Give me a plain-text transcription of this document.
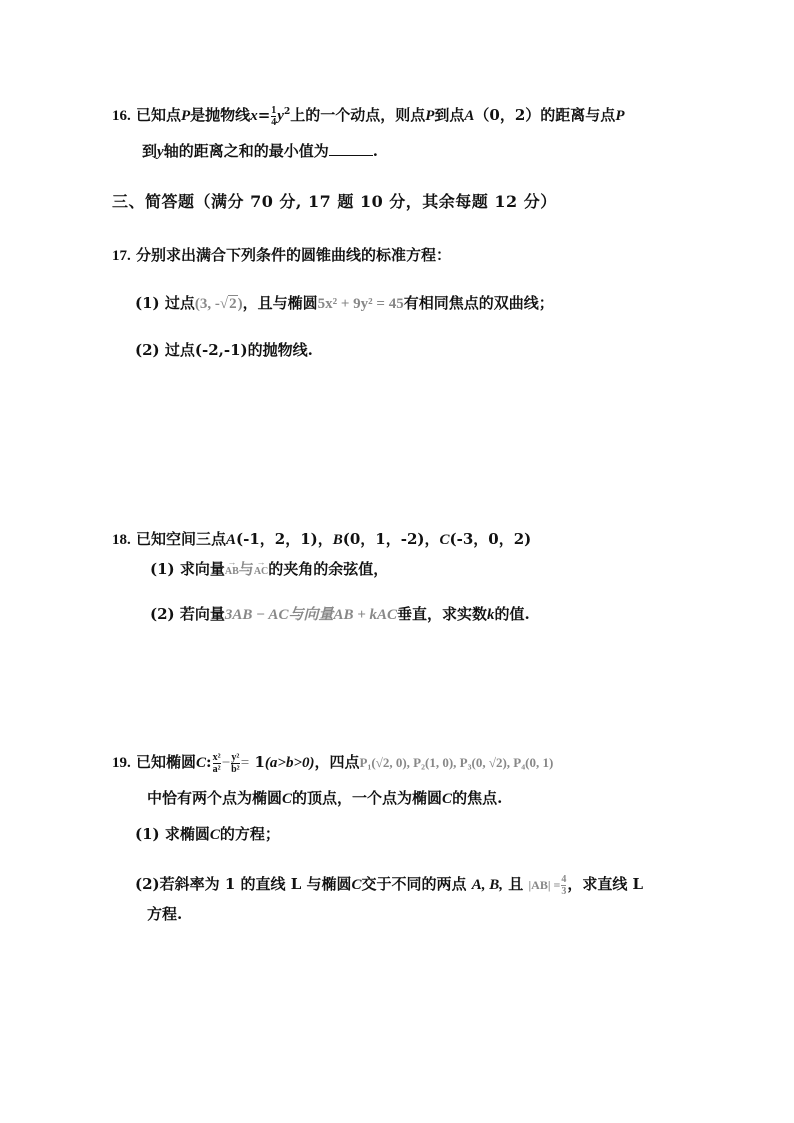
16. 已知点P是抛物线$x= \frac{1}{4} y^2$上的一个动点，则点P到点A（0，2）的距离与点P
到y轴的距离之和的最小值为	.
三、简答题（满分 70 分, 17 题 10 分，其余每题 12 分）
17. 分别求出满合下列条件的圆锥曲线的标准方程：
(1) 过点(3, -√2)，且与椭圆5x² + 9y² = 45有相同焦点的双曲线；
(2) 过点(-2,-1)的抛物线.
18. 已知空间三点A(-1，2，1)，B(0，1，-2)，C(-3，0，2)
(1) 求向量→ AB与→ AC的夹角的余弦值，
(2) 若向量3AB − AC与向量AB + kAC垂直，求实数k的值.
19. 已知椭圆C: $\frac{\text{x²}}{\text{a²}} - \frac{\text{y²}}{\text{b²}} = 1(a>b>0)$，四点P₁(√2, 0), P₂(1, 0), P₃(0, √2), P₄(0, 1)
中恰有两个点为椭圆C的顶点，一个点为椭圆C的焦点.
(1) 求椭圆C的方程；
(2)若斜率为 1 的直线 L 与椭圆C交于不同的两点 A, B, 且 $|AB| = \frac{4}{3}$ ，求直线 L
方程.
